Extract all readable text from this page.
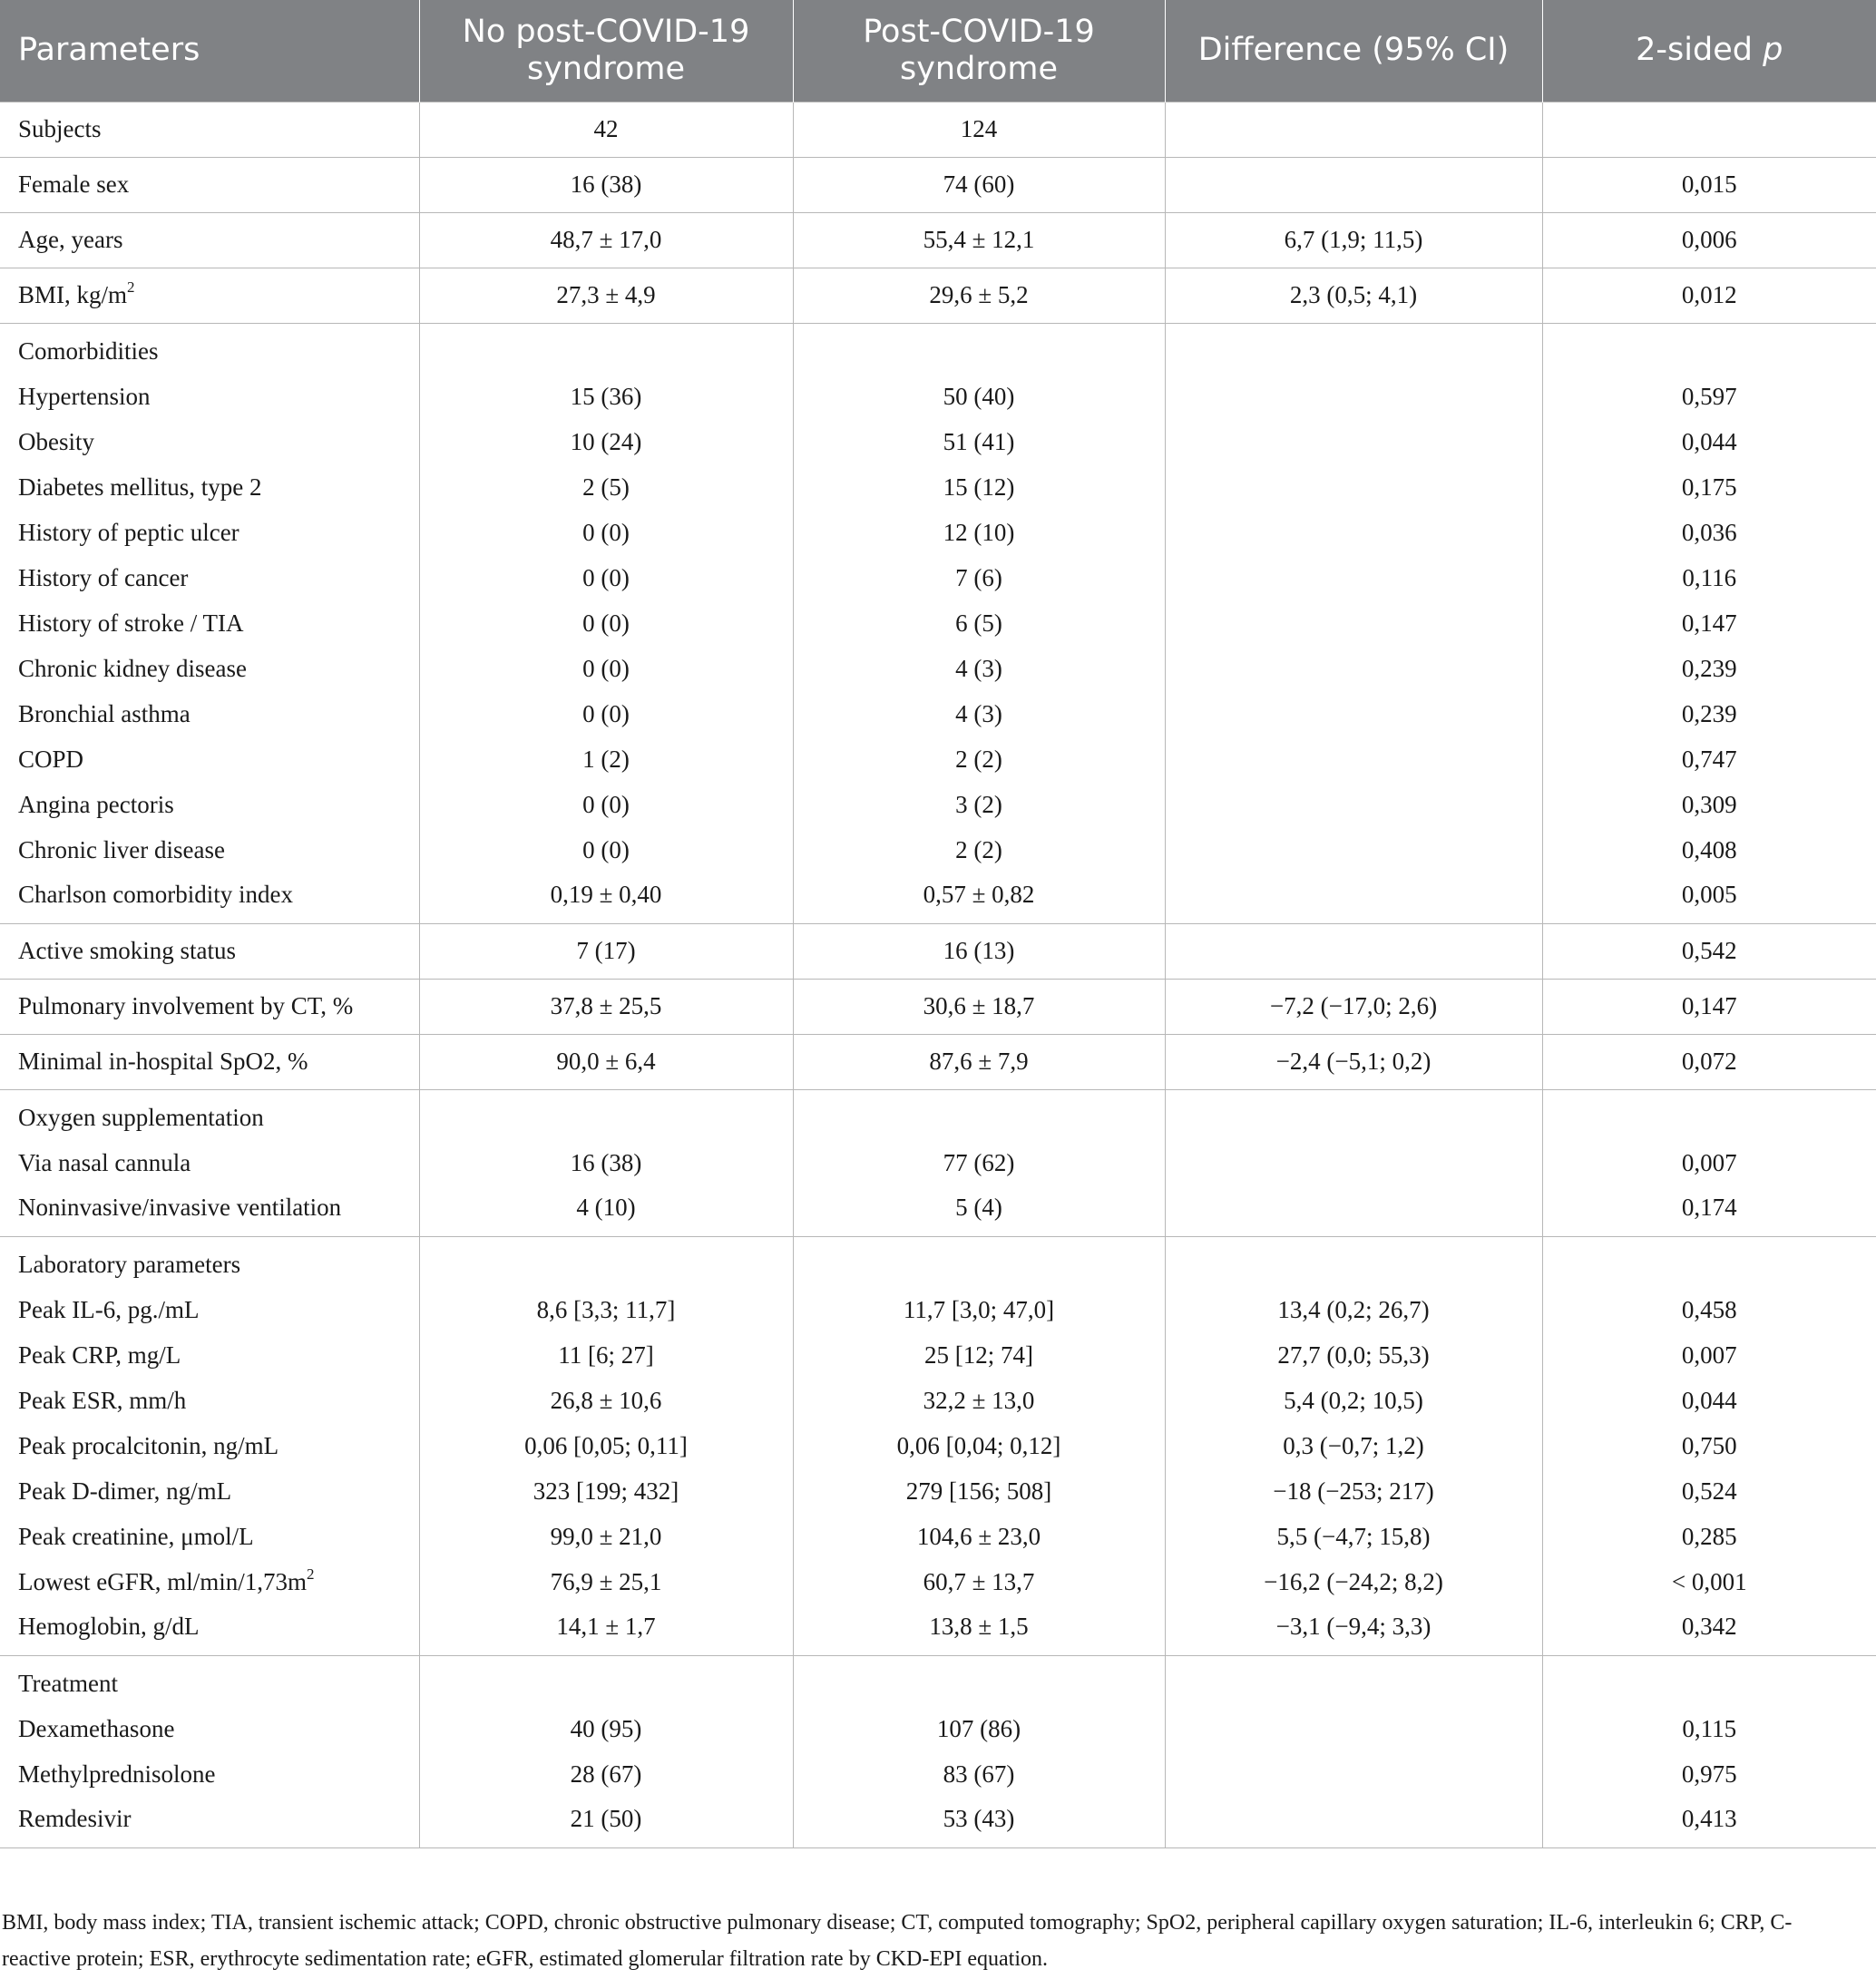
Parameters	No post-COVID-19 syndrome	Post-COVID-19 syndrome	Difference (95% CI)	2-sided p
Subjects	42	124		
Female sex	16 (38)	74 (60)		0,015
Age, years	48,7 ± 17,0	55,4 ± 12,1	6,7 (1,9; 11,5)	0,006
BMI, $kg/m^2$	27,3 ± 4,9	29,6 ± 5,2	2,3 (0,5; 4,1)	0,012
Comorbidities				
Hypertension	15 (36)	50 (40)		0,597
Obesity	10 (24)	51 (41)		0,044
Diabetes mellitus, type 2	2 (5)	15 (12)		0,175
History of peptic ulcer	0 (0)	12 (10)		0,036
History of cancer	0 (0)	7 (6)		0,116
History of stroke / TIA	0 (0)	6 (5)		0,147
Chronic kidney disease	0 (0)	4 (3)		0,239
Bronchial asthma	0 (0)	4 (3)		0,239
COPD	1 (2)	2 (2)		0,747
Angina pectoris	0 (0)	3 (2)		0,309
Chronic liver disease	0 (0)	2 (2)		0,408
Charlson comorbidity index	0,19 ± 0,40	0,57 ± 0,82		0,005
Active smoking status	7 (17)	16 (13)		0,542
Pulmonary involvement by CT, %	37,8 ± 25,5	30,6 ± 18,7	−7,2 (−17,0; 2,6)	0,147
Minimal in-hospital SpO2, %	90,0 ± 6,4	87,6 ± 7,9	−2,4 (−5,1; 0,2)	0,072
Oxygen supplementation				
Via nasal cannula	16 (38)	77 (62)		0,007
Noninvasive/invasive ventilation	4 (10)	5 (4)		0,174
Laboratory parameters				
Peak IL-6, pg./mL	8,6 [3,3; 11,7]	11,7 [3,0; 47,0]	13,4 (0,2; 26,7)	0,458
Peak CRP, mg/L	11 [6; 27]	25 [12; 74]	27,7 (0,0; 55,3)	0,007
Peak ESR, mm/h	26,8 ± 10,6	32,2 ± 13,0	5,4 (0,2; 10,5)	0,044
Peak procalcitonin, ng/mL	0,06 [0,05; 0,11]	0,06 [0,04; 0,12]	0,3 (−0,7; 1,2)	0,750
Peak D-dimer, ng/mL	323 [199; 432]	279 [156; 508]	−18 (−253; 217)	0,524
Peak creatinine, μmol/L	99,0 ± 21,0	104,6 ± 23,0	5,5 (−4,7; 15,8)	0,285
Lowest eGFR, $ml/\min/1,73m^2$	76,9 ± 25,1	60,7 ± 13,7	−16,2 (−24,2; 8,2)	< 0,001
Hemoglobin, g/dL	14,1 ± 1,7	13,8 ± 1,5	−3,1 (−9,4; 3,3)	0,342
Treatment				
Dexamethasone	40 (95)	107 (86)		0,115
Methylprednisolone	28 (67)	83 (67)		0,975
Remdesivir	21 (50)	53 (43)		0,413

BMI, body mass index; TIA, transient ischemic attack; COPD, chronic obstructive pulmonary disease; CT, computed tomography; SpO2, peripheral capillary oxygen saturation; IL-6, interleukin 6; CRP, C-reactive protein; ESR, erythrocyte sedimentation rate; eGFR, estimated glomerular filtration rate by CKD-EPI equation.
